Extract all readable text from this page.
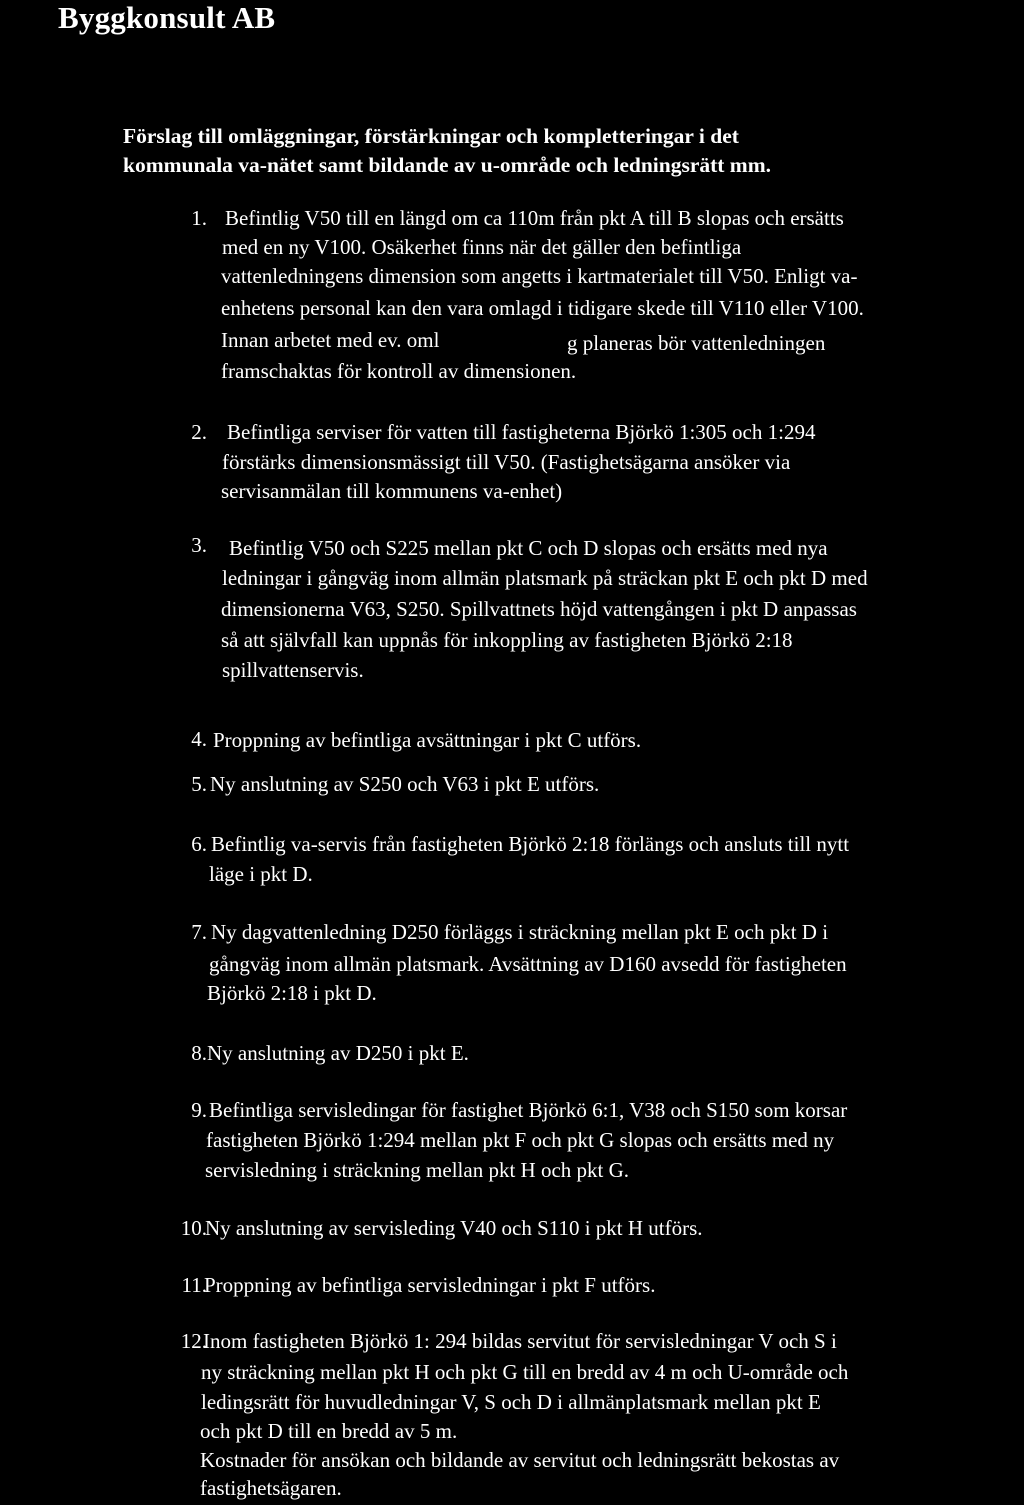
Byggkonsult AB
Förslag till omläggningar, förstärkningar och kompletteringar i det
kommunala va-nätet samt bildande av u-område och ledningsrätt mm.
1. Befintlig V50 till en längd om ca 110m från pkt A till B slopas och ersätts
med en ny V100. Osäkerhet finns när det gäller den befintliga
vattenledningens dimension som angetts i kartmaterialet till V50. Enligt va-
enhetens personal kan den vara omlagd i tidigare skede till V110 eller V100.
Innan arbetet med ev. oml	g planeras bör vattenledningen
framschaktas för kontroll av dimensionen.
2. Befintliga serviser för vatten till fastigheterna Björkö 1:305 och 1:294
förstärks dimensionsmässigt till V50. (Fastighetsägarna ansöker via
servisanmälan till kommunens va-enhet)
3. Befintlig V50 och S225 mellan pkt C och D slopas och ersätts med nya
ledningar i gångväg inom allmän platsmark på sträckan pkt E och pkt D med
dimensionerna V63, S250. Spillvattnets höjd vattengången i pkt D anpassas
så att självfall kan uppnås för inkoppling av fastigheten Björkö 2:18
spillvattenservis.
4. Proppning av befintliga avsättningar i pkt C utförs.
5. Ny anslutning av S250 och V63 i pkt E utförs.
6. Befintlig va-servis från fastigheten Björkö 2:18 förlängs och ansluts till nytt
läge i pkt D.
7. Ny dagvattenledning D250 förläggs i sträckning mellan pkt E och pkt D i
gångväg inom allmän platsmark. Avsättning av D160 avsedd för fastigheten
Björkö 2:18 i pkt D.
8. Ny anslutning av D250 i pkt E.
9. Befintliga servisledingar för fastighet Björkö 6:1, V38 och S150 som korsar
fastigheten Björkö 1:294 mellan pkt F och pkt G slopas och ersätts med ny
servisledning i sträckning mellan pkt H och pkt G.
10.
Ny anslutning av servisleding V40 och S110 i pkt H utförs.
11.
Proppning av befintliga servisledningar i pkt F utförs.
12.
Inom fastigheten Björkö 1: 294 bildas servitut för servisledningar V och S i
ny sträckning mellan pkt H och pkt G till en bredd av 4 m och U-område och
ledingsrätt för huvudledningar V, S och D i allmänplatsmark mellan pkt E
och pkt D till en bredd av 5 m.
Kostnader för ansökan och bildande av servitut och ledningsrätt bekostas av
fastighetsägaren.
